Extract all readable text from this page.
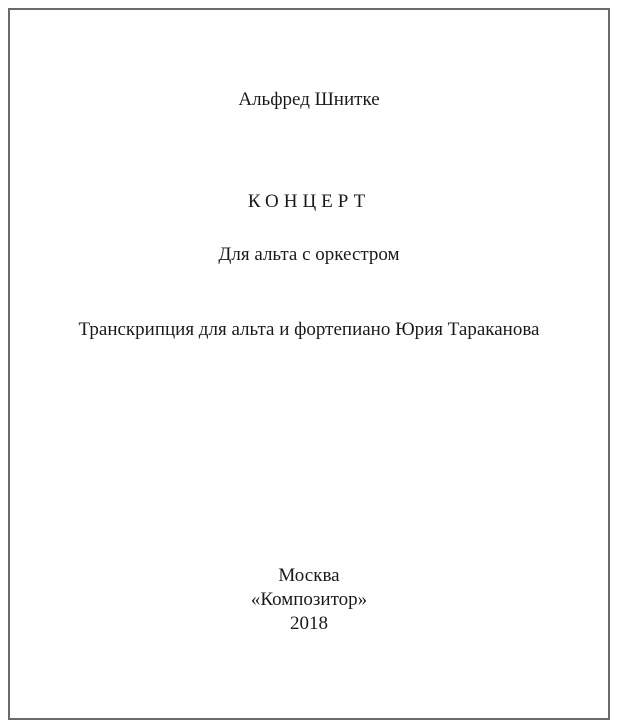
Альфред Шнитке
КОНЦЕРТ
Для альта с оркестром
Транскрипция для альта и фортепиано Юрия Тараканова
Москва
«Композитор»
2018
